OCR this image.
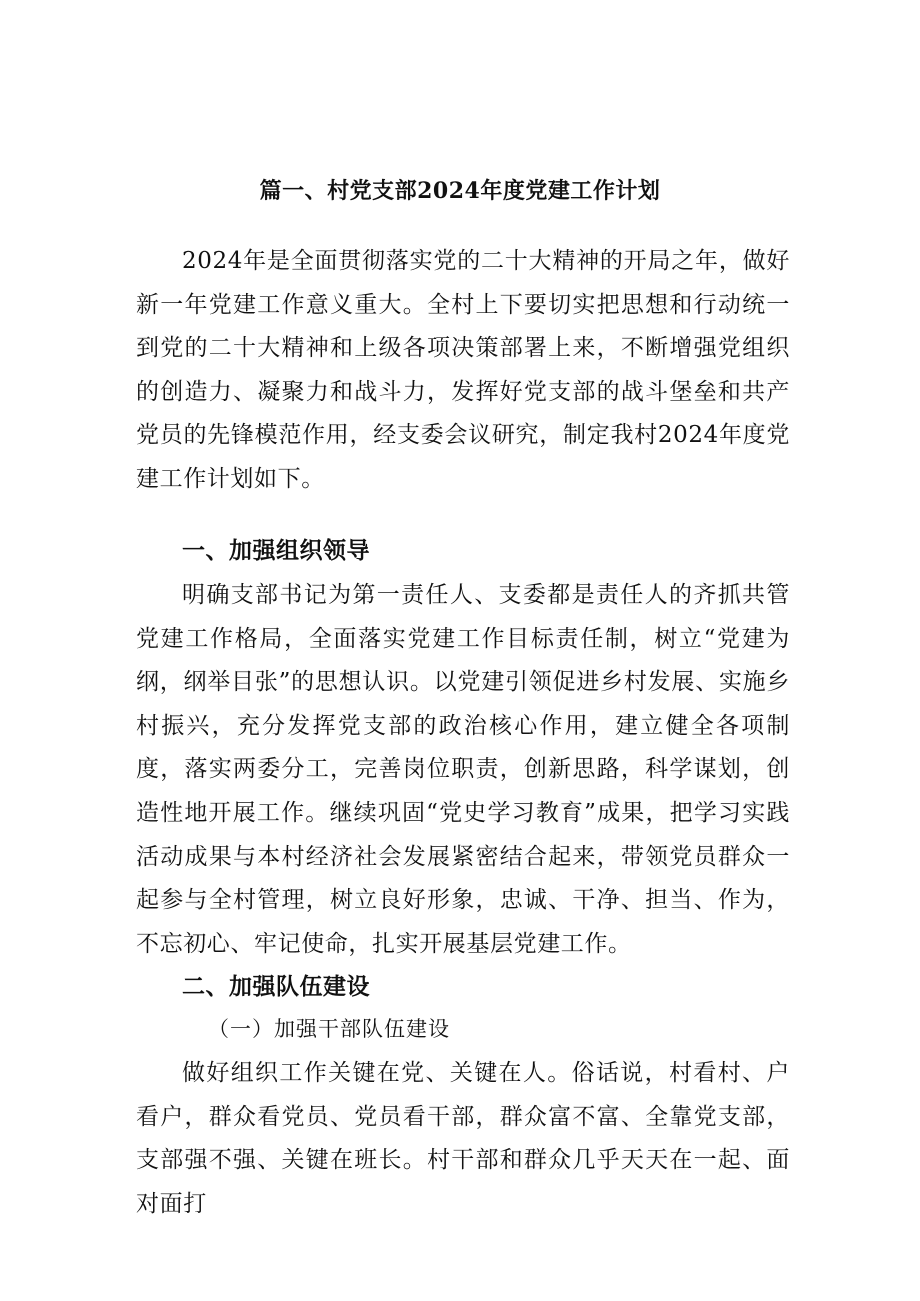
篇一、村党支部2024年度党建工作计划

2024年是全面贯彻落实党的二十大精神的开局之年，做好新一年党建工作意义重大。全村上下要切实把思想和行动统一到党的二十大精神和上级各项决策部署上来，不断增强党组织的创造力、凝聚力和战斗力，发挥好党支部的战斗堡垒和共产党员的先锋模范作用，经支委会议研究，制定我村2024年度党建工作计划如下。

一、加强组织领导

明确支部书记为第一责任人、支委都是责任人的齐抓共管党建工作格局，全面落实党建工作目标责任制，树立“党建为纲，纲举目张”的思想认识。以党建引领促进乡村发展、实施乡村振兴，充分发挥党支部的政治核心作用，建立健全各项制度，落实两委分工，完善岗位职责，创新思路，科学谋划，创造性地开展工作。继续巩固“党史学习教育”成果，把学习实践活动成果与本村经济社会发展紧密结合起来，带领党员群众一起参与全村管理，树立良好形象，忠诚、干净、担当、作为，不忘初心、牢记使命，扎实开展基层党建工作。

二、加强队伍建设
（一）加强干部队伍建设

做好组织工作关键在党、关键在人。俗话说，村看村、户看户，群众看党员、党员看干部，群众富不富、全靠党支部，支部强不强、关键在班长。村干部和群众几乎天天在一起、面对面打
